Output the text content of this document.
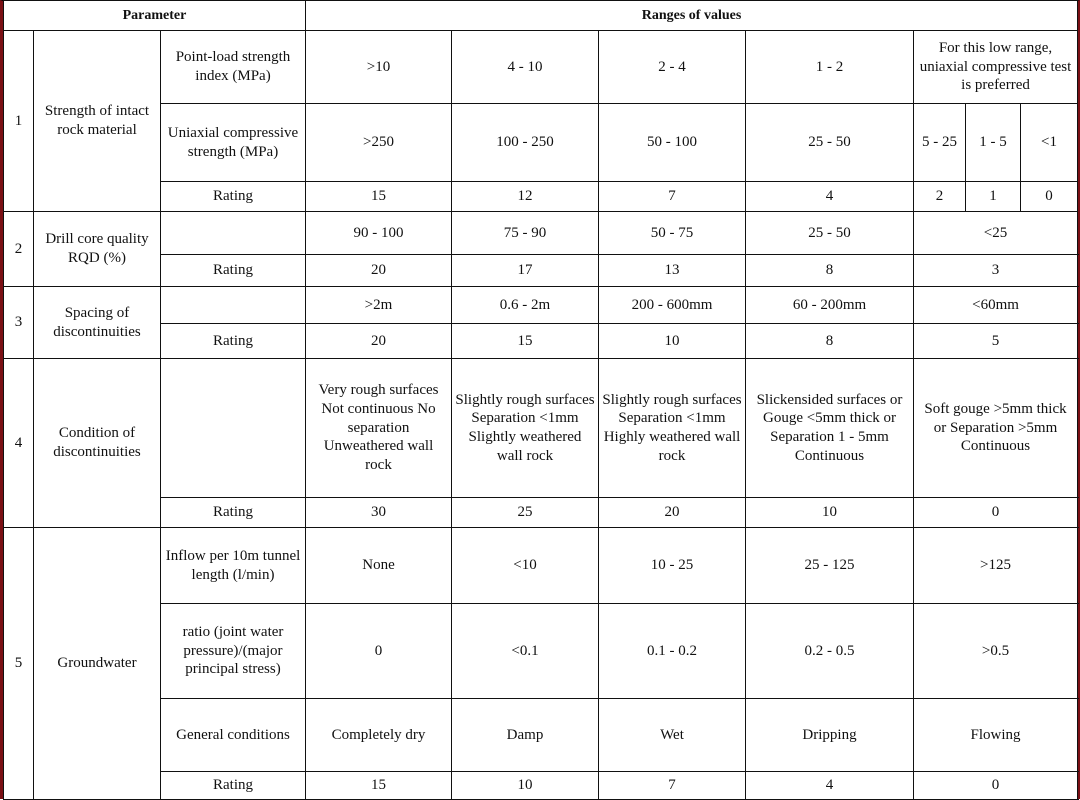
Parameter			Ranges of values						
1	Strength of intact rock material	Point-load strength index (MPa)	>10	4 - 10	2 - 4	1 - 2	For this low range, uniaxial compressive test is preferred		
		Uniaxial compressive strength (MPa)	>250	100 - 250	50 - 100	25 - 50	5 - 25	1 - 5	<1
		Rating	15	12	7	4	2	1	0
2	Drill core quality RQD (%)		90 - 100	75 - 90	50 - 75	25 - 50	<25		
		Rating	20	17	13	8	3		
3	Spacing of discontinuities		>2m	0.6 - 2m	200 - 600mm	60 - 200mm	<60mm		
		Rating	20	15	10	8	5		
4	Condition of discontinuities		Very rough surfaces Not continuous No separation Unweathered wall rock	Slightly rough surfaces Separation <1mm Slightly weathered wall rock	Slightly rough surfaces Separation <1mm Highly weathered wall rock	Slickensided surfaces or Gouge <5mm thick or Separation 1 - 5mm Continuous	Soft gouge >5mm thick or Separation >5mm Continuous		
		Rating	30	25	20	10	0		
5	Groundwater	Inflow per 10m tunnel length (l/min)	None	<10	10 - 25	25 - 125	>125		
		ratio (joint water pressure)/(major principal stress)	0	<0.1	0.1 - 0.2	0.2 - 0.5	>0.5		
		General conditions	Completely dry	Damp	Wet	Dripping	Flowing		
		Rating	15	10	7	4	0		
